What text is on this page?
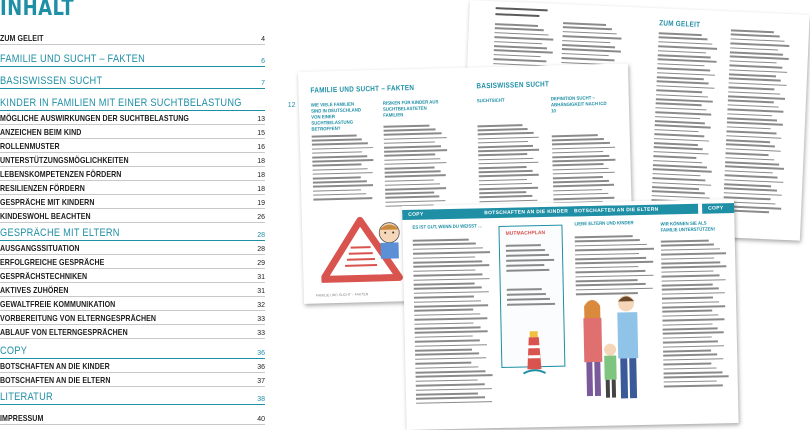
INHALT
ZUM GELEIT	4
FAMILIE UND SUCHT – FAKTEN	6
BASISWISSEN SUCHT	7
KINDER IN FAMILIEN MIT EINER SUCHTBELASTUNG	12
MÖGLICHE AUSWIRKUNGEN DER SUCHTBELASTUNG	13
ANZEICHEN BEIM KIND	15
ROLLENMUSTER	16
UNTERSTÜTZUNGSMÖGLICHKEITEN	18
LEBENSKOMPETENZEN FÖRDERN	18
RESILIENZEN FÖRDERN	18
GESPRÄCHE MIT KINDERN	19
KINDESWOHL BEACHTEN	26
GESPRÄCHE MIT ELTERN	28
AUSGANGSSITUATION	28
ERFOLGREICHE GESPRÄCHE	29
GESPRÄCHSTECHNIKEN	31
AKTIVES ZUHÖREN	31
GEWALTFREIE KOMMUNIKATION	32
VORBEREITUNG VON ELTERNGESPRÄCHEN	33
ABLAUF VON ELTERNGESPRÄCHEN	33
COPY	36
BOTSCHAFTEN AN DIE KINDER	36
BOTSCHAFTEN AN DIE ELTERN	37
LITERATUR	38
IMPRESSUM	40
ZUM GELEIT
FAMILIE UND SUCHT – FAKTEN
WIE VIELE FAMILIEN SIND IN DEUTSCHLAND VON EINER SUCHTBELASTUNG BETROFFEN?
RISIKEN FÜR KINDER AUS SUCHTBELASTETEN FAMILIEN
BASISWISSEN SUCHT
SUCHTSICHT	DEFINITION SUCHT – ABHÄNGIGKEIT NACH ICD 10
FAMILIE UND SUCHT – FAKTEN
COPY	BOTSCHAFTEN AN DIE KINDER	BOTSCHAFTEN AN DIE ELTERN	COPY
ES IST GUT, WENN DU WEISST …
LIEBE ELTERN UND KINDER	WIR KÖNNEN SIE ALS FAMILIE UNTERSTÜTZEN!
MUTMACHPLAN
